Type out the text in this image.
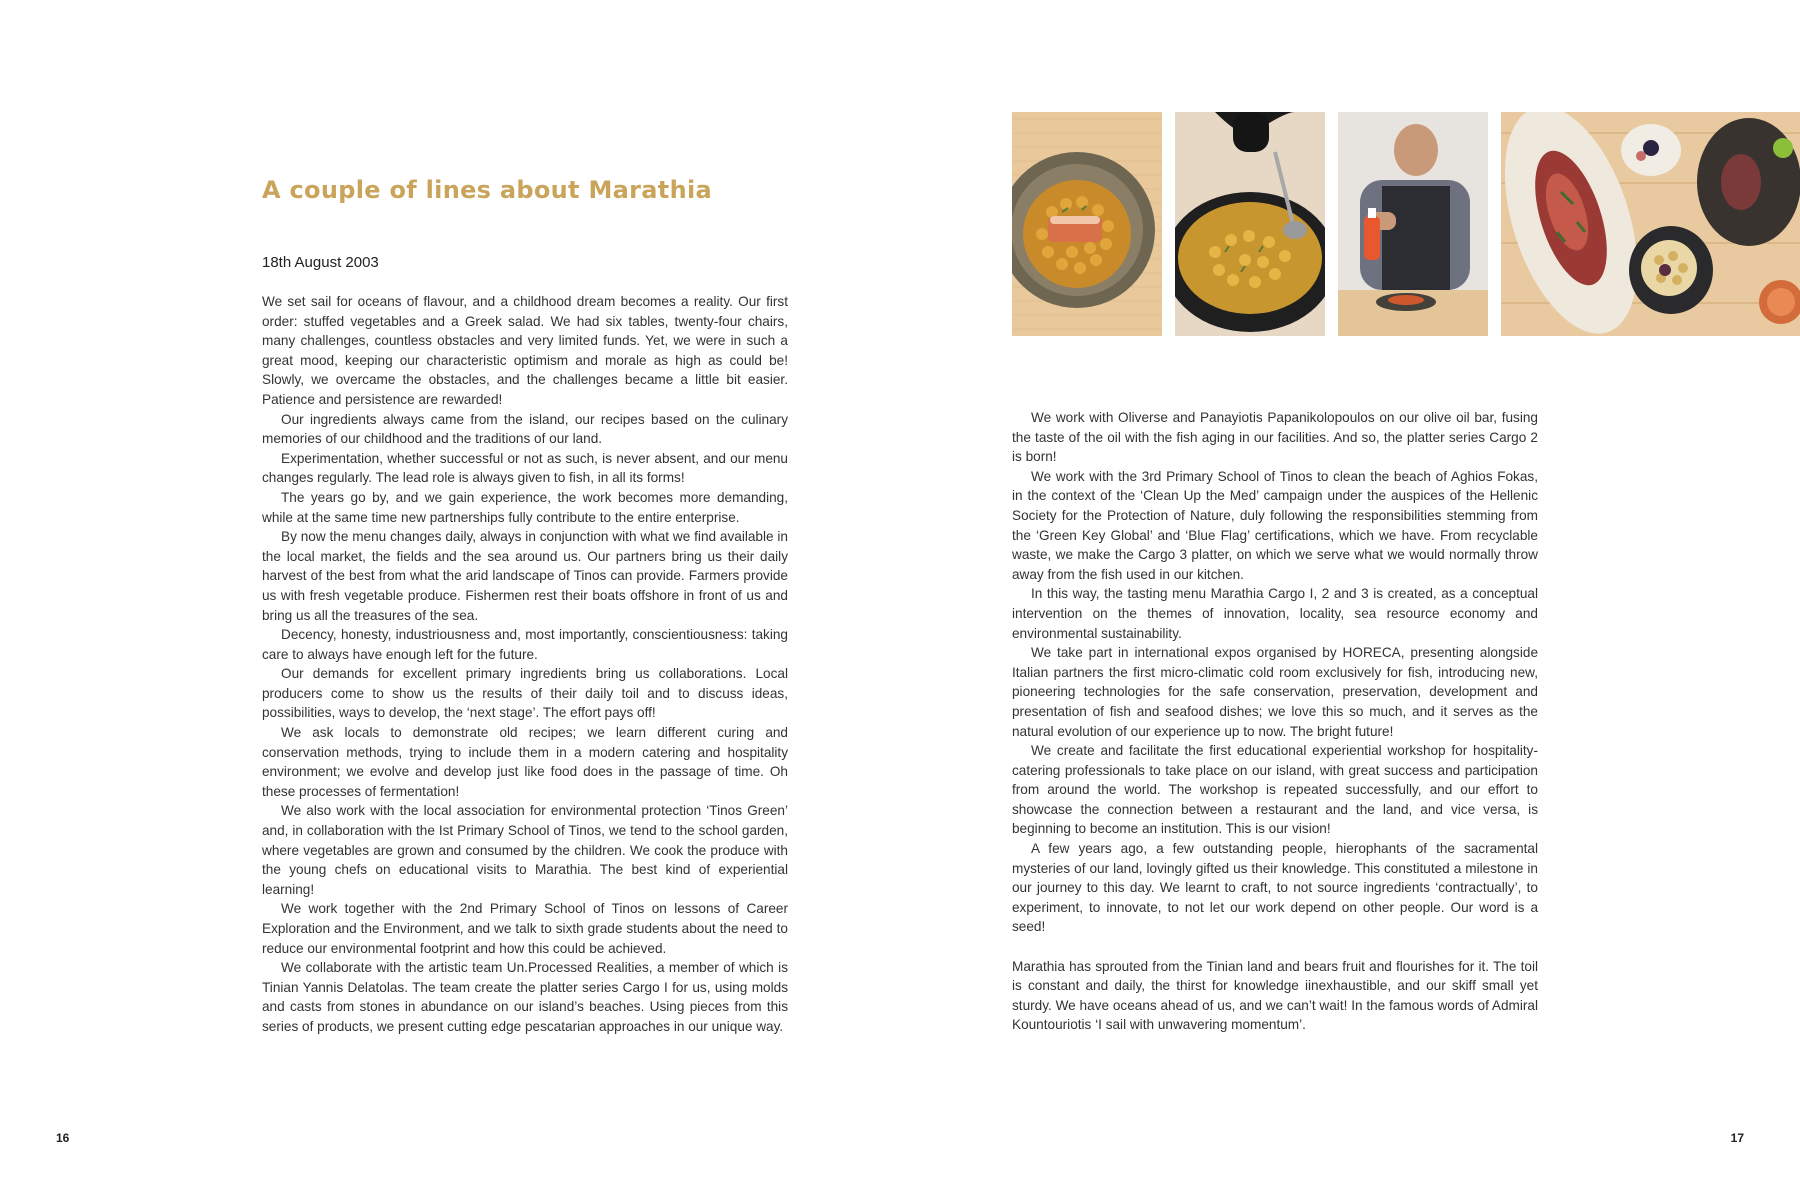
A couple of lines about Marathia
18th August 2003

We set sail for oceans of flavour, and a childhood dream becomes a reality. Our first order: stuffed vegetables and a Greek salad. We had six tables, twenty-four chairs, many challenges, countless obstacles and very limited funds. Yet, we were in such a great mood, keeping our characteristic optimism and morale as high as could be! Slowly, we overcame the obstacles, and the challenges became a little bit easier. Patience and persistence are rewarded!

Our ingredients always came from the island, our recipes based on the culinary memories of our childhood and the traditions of our land.

Experimentation, whether successful or not as such, is never absent, and our menu changes regularly. The lead role is always given to fish, in all its forms!

The years go by, and we gain experience, the work becomes more demanding, while at the same time new partnerships fully contribute to the entire enterprise.

By now the menu changes daily, always in conjunction with what we find available in the local market, the fields and the sea around us. Our partners bring us their daily harvest of the best from what the arid landscape of Tinos can provide. Farmers provide us with fresh vegetable produce. Fishermen rest their boats offshore in front of us and bring us all the treasures of the sea.

Decency, honesty, industriousness and, most importantly, conscientiousness: taking care to always have enough left for the future.

Our demands for excellent primary ingredients bring us collaborations. Local producers come to show us the results of their daily toil and to discuss ideas, possibilities, ways to develop, the ‘next stage’. The effort pays off!

We ask locals to demonstrate old recipes; we learn different curing and conservation methods, trying to include them in a modern catering and hospitality environment; we evolve and develop just like food does in the passage of time. Oh these processes of fermentation!

We also work with the local association for environmental protection ‘Tinos Green’ and, in collaboration with the Ist Primary School of Tinos, we tend to the school garden, where vegetables are grown and consumed by the children. We cook the produce with the young chefs on educational visits to Marathia. The best kind of experiential learning!

We work together with the 2nd Primary School of Tinos on lessons of Career Exploration and the Environment, and we talk to sixth grade students about the need to reduce our environmental footprint and how this could be achieved.

We collaborate with the artistic team Un.Processed Realities, a member of which is Tinian Yannis Delatolas. The team create the platter series Cargo I for us, using molds and casts from stones in abundance on our island’s beaches. Using pieces from this series of products, we present cutting edge pescatarian approaches in our unique way.

16

We work with Oliverse and Panayiotis Papanikolopoulos on our olive oil bar, fusing the taste of the oil with the fish aging in our facilities. And so, the platter series Cargo 2 is born!

We work with the 3rd Primary School of Tinos to clean the beach of Aghios Fokas, in the context of the ‘Clean Up the Med’ campaign under the auspices of the Hellenic Society for the Protection of Nature, duly following the responsibilities stemming from the ‘Green Key Global’ and ‘Blue Flag’ certifications, which we have. From recyclable waste, we make the Cargo 3 platter, on which we serve what we would normally throw away from the fish used in our kitchen.

In this way, the tasting menu Marathia Cargo I, 2 and 3 is created, as a conceptual intervention on the themes of innovation, locality, sea resource economy and environmental sustainability.

We take part in international expos organised by HORECA, presenting alongside Italian partners the first micro-climatic cold room exclusively for fish, introducing new, pioneering technologies for the safe conservation, preservation, development and presentation of fish and seafood dishes; we love this so much, and it serves as the natural evolution of our experience up to now. The bright future!

We create and facilitate the first educational experiential workshop for hospitality-catering professionals to take place on our island, with great success and participation from around the world. The workshop is repeated successfully, and our effort to showcase the connection between a restaurant and the land, and vice versa, is beginning to become an institution. This is our vision!

A few years ago, a few outstanding people, hierophants of the sacramental mysteries of our land, lovingly gifted us their knowledge. This constituted a milestone in our journey to this day. We learnt to craft, to not source ingredients ‘contractually’, to experiment, to innovate, to not let our work depend on other people. Our word is a seed!

Marathia has sprouted from the Tinian land and bears fruit and flourishes for it. The toil is constant and daily, the thirst for knowledge iinexhaustible, and our skiff small yet sturdy. We have oceans ahead of us, and we can’t wait! In the famous words of Admiral Kountouriotis ‘I sail with unwavering momentum’.

17
